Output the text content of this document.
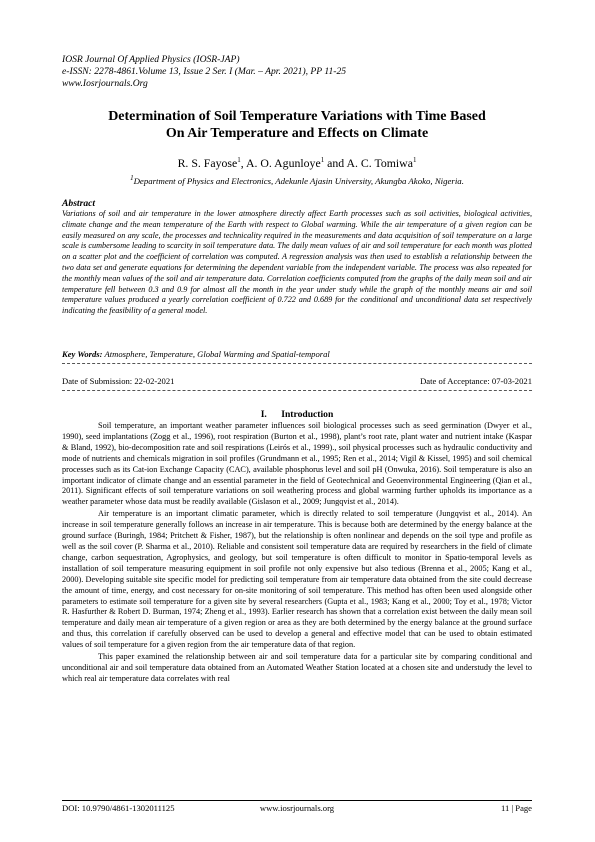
IOSR Journal Of Applied Physics (IOSR-JAP)
e-ISSN: 2278-4861.Volume 13, Issue 2 Ser. I (Mar. – Apr. 2021), PP 11-25
www.Iosrjournals.Org
Determination of Soil Temperature Variations with Time Based
On Air Temperature and Effects on Climate
R. S. Fayose$^1$, A. O. Agunloye$^1$ and A. C. Tomiwa$^1$
$^1$Department of Physics and Electronics, Adekunle Ajasin University, Akungba Akoko, Nigeria.
Abstract
Variations of soil and air temperature in the lower atmosphere directly affect Earth processes such as soil activities, biological activities, climate change and the mean temperature of the Earth with respect to Global warming. While the air temperature of a given region can be easily measured on any scale, the processes and technicality required in the measurements and data acquisition of soil temperature on a large scale is cumbersome leading to scarcity in soil temperature data. The daily mean values of air and soil temperature for each month was plotted on a scatter plot and the coefficient of correlation was computed. A regression analysis was then used to establish a relationship between the two data set and generate equations for determining the dependent variable from the independent variable. The process was also repeated for the monthly mean values of the soil and air temperature data. Correlation coefficients computed from the graphs of the daily mean soil and air temperature fell between 0.3 and 0.9 for almost all the month in the year under study while the graph of the monthly means air and soil temperature values produced a yearly correlation coefficient of 0.722 and 0.689 for the conditional and unconditional data set respectively indicating the feasibility of a general model.
Key Words: Atmosphere, Temperature, Global Warming and Spatial-temporal
Date of Submission: 22-02-2021	Date of Acceptance: 07-03-2021
I.      Introduction

Soil temperature, an important weather parameter influences soil biological processes such as seed germination (Dwyer et al., 1990), seed implantations (Zogg et al., 1996), root respiration (Burton et al., 1998), plant’s root rate, plant water and nutrient intake (Kaspar & Bland, 1992), bio-decomposition rate and soil respirations (Leirós et al., 1999)., soil physical processes such as hydraulic conductivity and mode of nutrients and chemicals migration in soil profiles (Grundmann et al., 1995; Ren et al., 2014; Vigil & Kissel, 1995) and soil chemical processes such as its Cat-ion Exchange Capacity (CAC), available phosphorus level and soil pH (Onwuka, 2016). Soil temperature is also an important indicator of climate change and an essential parameter in the field of Geotechnical and Geoenvironmental Engineering (Qian et al., 2011). Significant effects of soil temperature variations on soil weathering process and global warming further upholds its importance as a weather parameter whose data must be readily available (Gislason et al., 2009; Jungqvist et al., 2014).

Air temperature is an important climatic parameter, which is directly related to soil temperature (Jungqvist et al., 2014). An increase in soil temperature generally follows an increase in air temperature. This is because both are determined by the energy balance at the ground surface (Buringh, 1984; Pritchett & Fisher, 1987), but the relationship is often nonlinear and depends on the soil type and profile as well as the soil cover (P. Sharma et al., 2010). Reliable and consistent soil temperature data are required by researchers in the field of climate change, carbon sequestration, Agrophysics, and geology, but soil temperature is often difficult to monitor in Spatio-temporal levels as installation of soil temperature measuring equipment in soil profile not only expensive but also tedious (Brenna et al., 2005; Kang et al., 2000). Developing suitable site specific model for predicting soil temperature from air temperature data obtained from the site could decrease the amount of time, energy, and cost necessary for on-site monitoring of soil temperature. This method has often been used alongside other parameters to estimate soil temperature for a given site by several researchers (Gupta et al., 1983; Kang et al., 2000; Toy et al., 1978; Victor R. Hasfurther & Robert D. Burman, 1974; Zheng et al., 1993). Earlier research has shown that a correlation exist between the daily mean soil temperature and daily mean air temperature of a given region or area as they are both determined by the energy balance at the ground surface and thus, this correlation if carefully observed can be used to develop a general and effective model that can be used to obtain estimated values of soil temperature for a given region from the air temperature data of that region.

This paper examined the relationship between air and soil temperature data for a particular site by comparing conditional and unconditional air and soil temperature data obtained from an Automated Weather Station located at a chosen site and understudy the level to which real air temperature data correlates with real

DOI: 10.9790/4861-1302011125	www.iosrjournals.org	11 | Page
